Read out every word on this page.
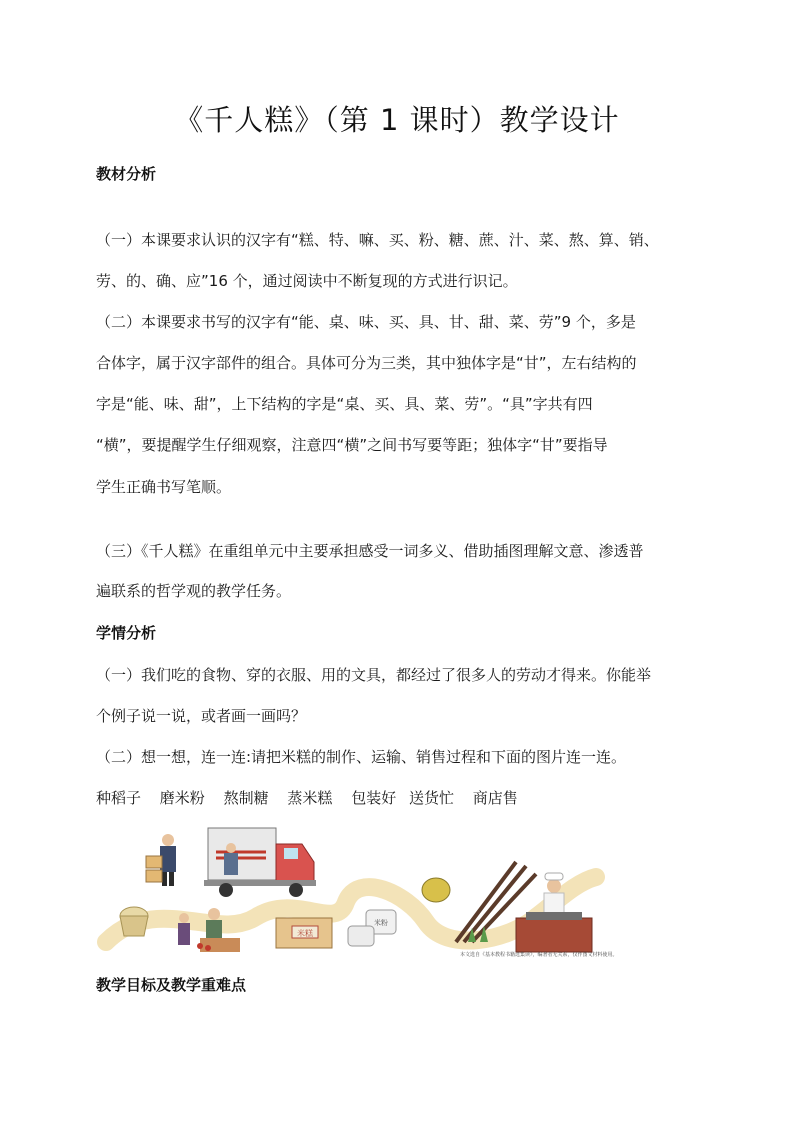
《千人糕》（第 1 课时）教学设计

教材分析

（一）本课要求认识的汉字有“糕、特、嘛、买、粉、糖、蔗、汁、菜、熬、算、销、

劳、的、确、应”16 个，通过阅读中不断复现的方式进行识记。

（二）本课要求书写的汉字有“能、桌、味、买、具、甘、甜、菜、劳”9 个，多是

合体字，属于汉字部件的组合。具体可分为三类，其中独体字是“甘”，左右结构的

字是“能、味、甜”，上下结构的字是“桌、买、具、菜、劳”。“具”字共有四

“横”，要提醒学生仔细观察，注意四“横”之间书写要等距；独体字“甘”要指导

学生正确书写笔顺。

（三）《千人糕》在重组单元中主要承担感受一词多义、借助插图理解文意、渗透普

遍联系的哲学观的教学任务。

学情分析

（一）我们吃的食物、穿的衣服、用的文具，都经过了很多人的劳动才得来。你能举

个例子说一说，或者画一画吗？

（二）想一想，连一连:请把米糕的制作、运输、销售过程和下面的图片连一连。

种稻子 磨米粉 熬制糖 蒸米糕 包装好 送货忙 商店售

米糕
米粉
本文选自《基本教程书籍选集读》，编著者无关系，仅作图文材料使用。

教学目标及教学重难点
